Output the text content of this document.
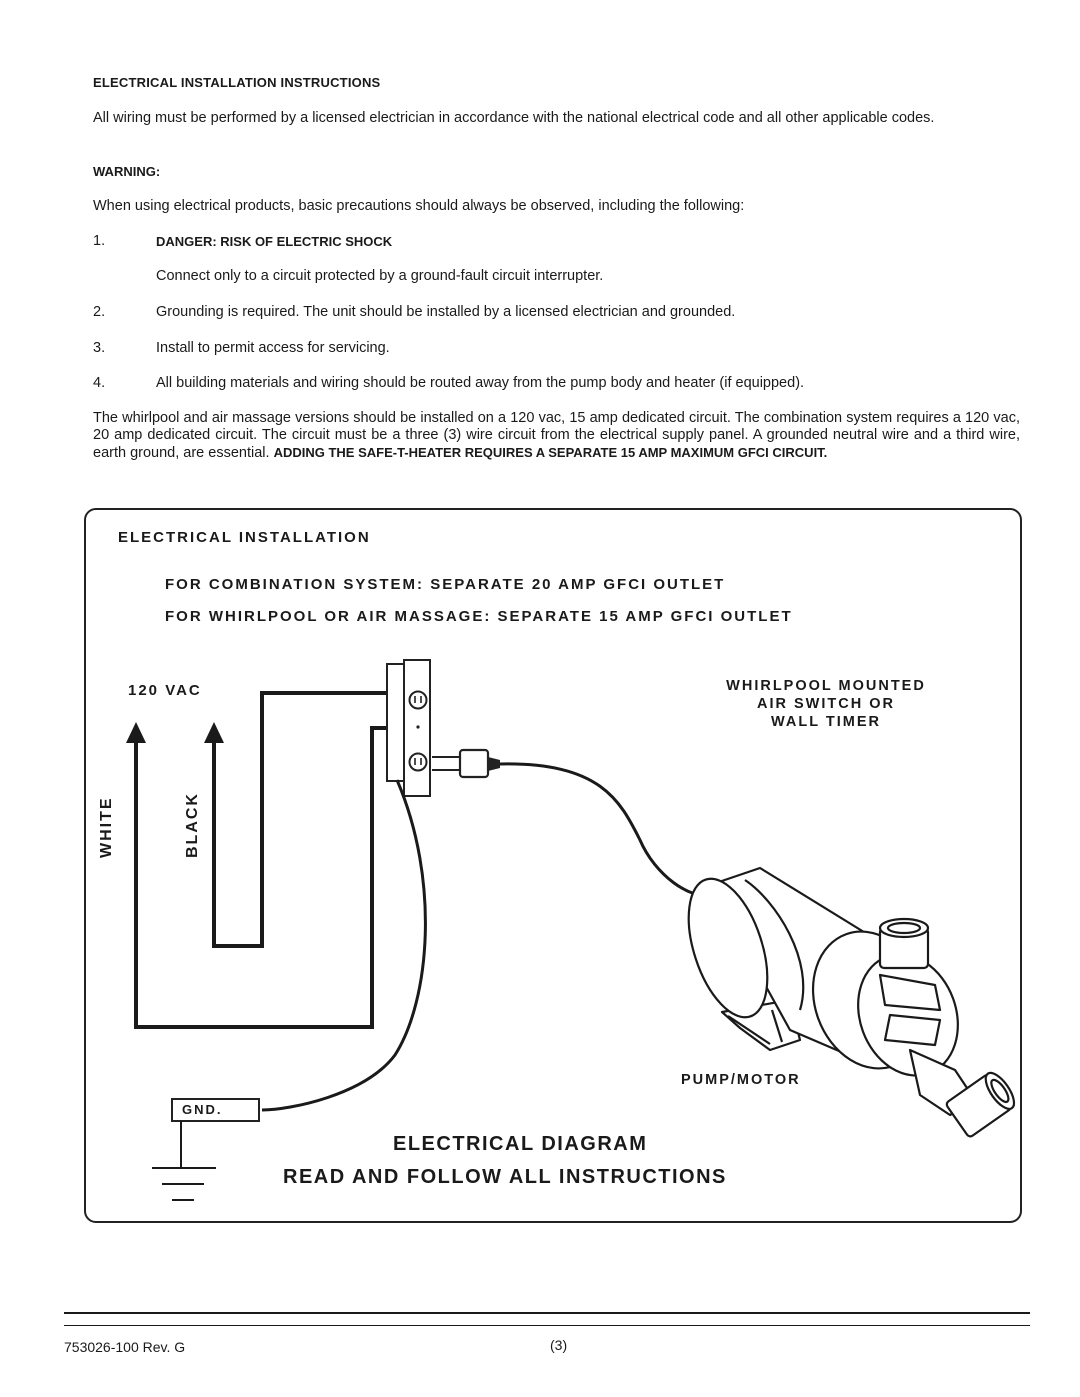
ELECTRICAL INSTALLATION INSTRUCTIONS
All wiring must be performed by a licensed electrician in accordance with the national electrical code and all other applicable codes.
WARNING:
When using electrical products, basic precautions should always be observed, including the following:
1.	DANGER: RISK OF ELECTRIC SHOCK
Connect only to a circuit protected by a ground-fault circuit interrupter.
2.	Grounding is required. The unit should be installed by a licensed electrician and grounded.
3.	Install to permit access for servicing.
4.	All building materials and wiring should be routed away from the pump body and heater (if equipped).
The whirlpool and air massage versions should be installed on a 120 vac, 15 amp dedicated circuit. The combination system requires a 120 vac, 20 amp dedicated circuit. The circuit must be a three (3) wire circuit from the electrical supply panel. A grounded neutral wire and a third wire, earth ground, are essential. ADDING THE SAFE-T-HEATER REQUIRES A SEPARATE 15 AMP MAXIMUM GFCI CIRCUIT.
ELECTRICAL INSTALLATION
FOR COMBINATION SYSTEM: SEPARATE 20 AMP GFCI OUTLET
FOR WHIRLPOOL OR AIR MASSAGE: SEPARATE 15 AMP GFCI OUTLET
120 VAC
WHITE	BLACK
WHIRLPOOL MOUNTED
AIR SWITCH OR
WALL TIMER
PUMP/MOTOR
GND.
ELECTRICAL DIAGRAM
READ AND FOLLOW ALL INSTRUCTIONS
753026-100 Rev. G	(3)
